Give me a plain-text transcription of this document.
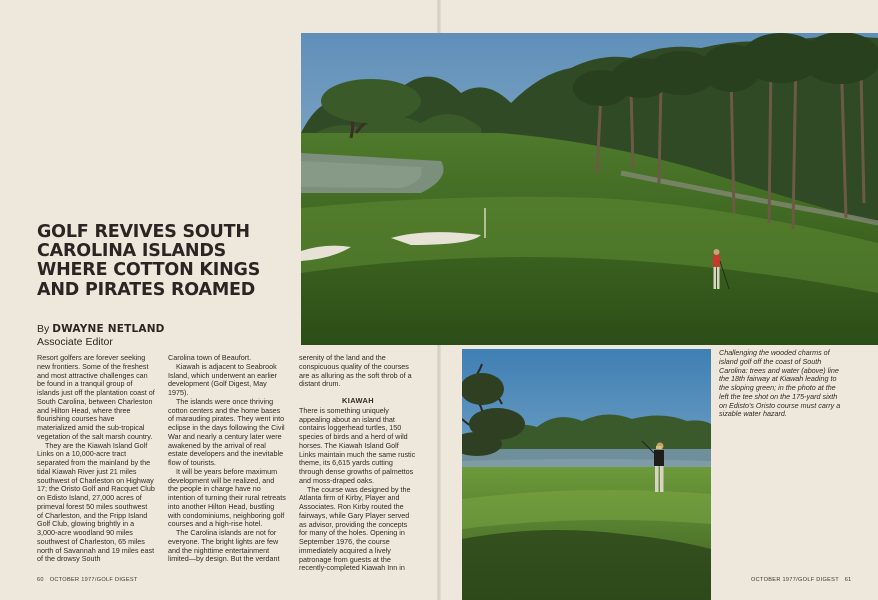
GOLF REVIVES SOUTH CAROLINA ISLANDS WHERE COTTON KINGS AND PIRATES ROAMED
By DWAYNE NETLAND
Associate Editor

Resort golfers are forever seeking new frontiers. Some of the freshest and most attractive challenges can be found in a tranquil group of islands just off the plantation coast of South Carolina, between Charleston and Hilton Head, where three flourishing courses have materialized amid the sub-tropical vegetation of the salt marsh country.

They are the Kiawah Island Golf Links on a 10,000-acre tract separated from the mainland by the tidal Kiawah River just 21 miles southwest of Charleston on Highway 17; the Oristo Golf and Racquet Club on Edisto Island, 27,000 acres of primeval forest 50 miles southwest of Charleston, and the Fripp Island Golf Club, glowing brightly in a 3,000-acre woodland 90 miles southwest of Charleston, 65 miles north of Savannah and 19 miles east of the drowsy South

Carolina town of Beaufort.

Kiawah is adjacent to Seabrook Island, which underwent an earlier development (Golf Digest, May 1975).

The islands were once thriving cotton centers and the home bases of marauding pirates. They went into eclipse in the days following the Civil War and nearly a century later were awakened by the arrival of real estate developers and the inevitable flow of tourists.

It will be years before maximum development will be realized, and the people in charge have no intention of turning their rural retreats into another Hilton Head, bustling with condominiums, neighboring golf courses and a high-rise hotel.

The Carolina islands are not for everyone. The bright lights are few and the nighttime entertainment limited—by design. But the verdant

serenity of the land and the conspicuous quality of the courses are as alluring as the soft throb of a distant drum.

KIAWAH

There is something uniquely appealing about an island that contains loggerhead turtles, 150 species of birds and a herd of wild horses. The Kiawah Island Golf Links maintain much the same rustic theme, its 6,615 yards cutting through dense growths of palmettos and moss-draped oaks.

The course was designed by the Atlanta firm of Kirby, Player and Associates. Ron Kirby routed the fairways, while Gary Player served as advisor, providing the concepts for many of the holes. Opening in September 1976, the course immediately acquired a lively patronage from guests at the recently-completed Kiawah Inn in

Challenging the wooded charms of island golf off the coast of South Carolina: trees and water (above) line the 18th fairway at Kiawah leading to the sloping green; in the photo at the left the tee shot on the 175-yard sixth on Edisto's Oristo course must carry a sizable water hazard.

60 OCTOBER 1977/GOLF DIGEST	OCTOBER 1977/GOLF DIGEST 61
